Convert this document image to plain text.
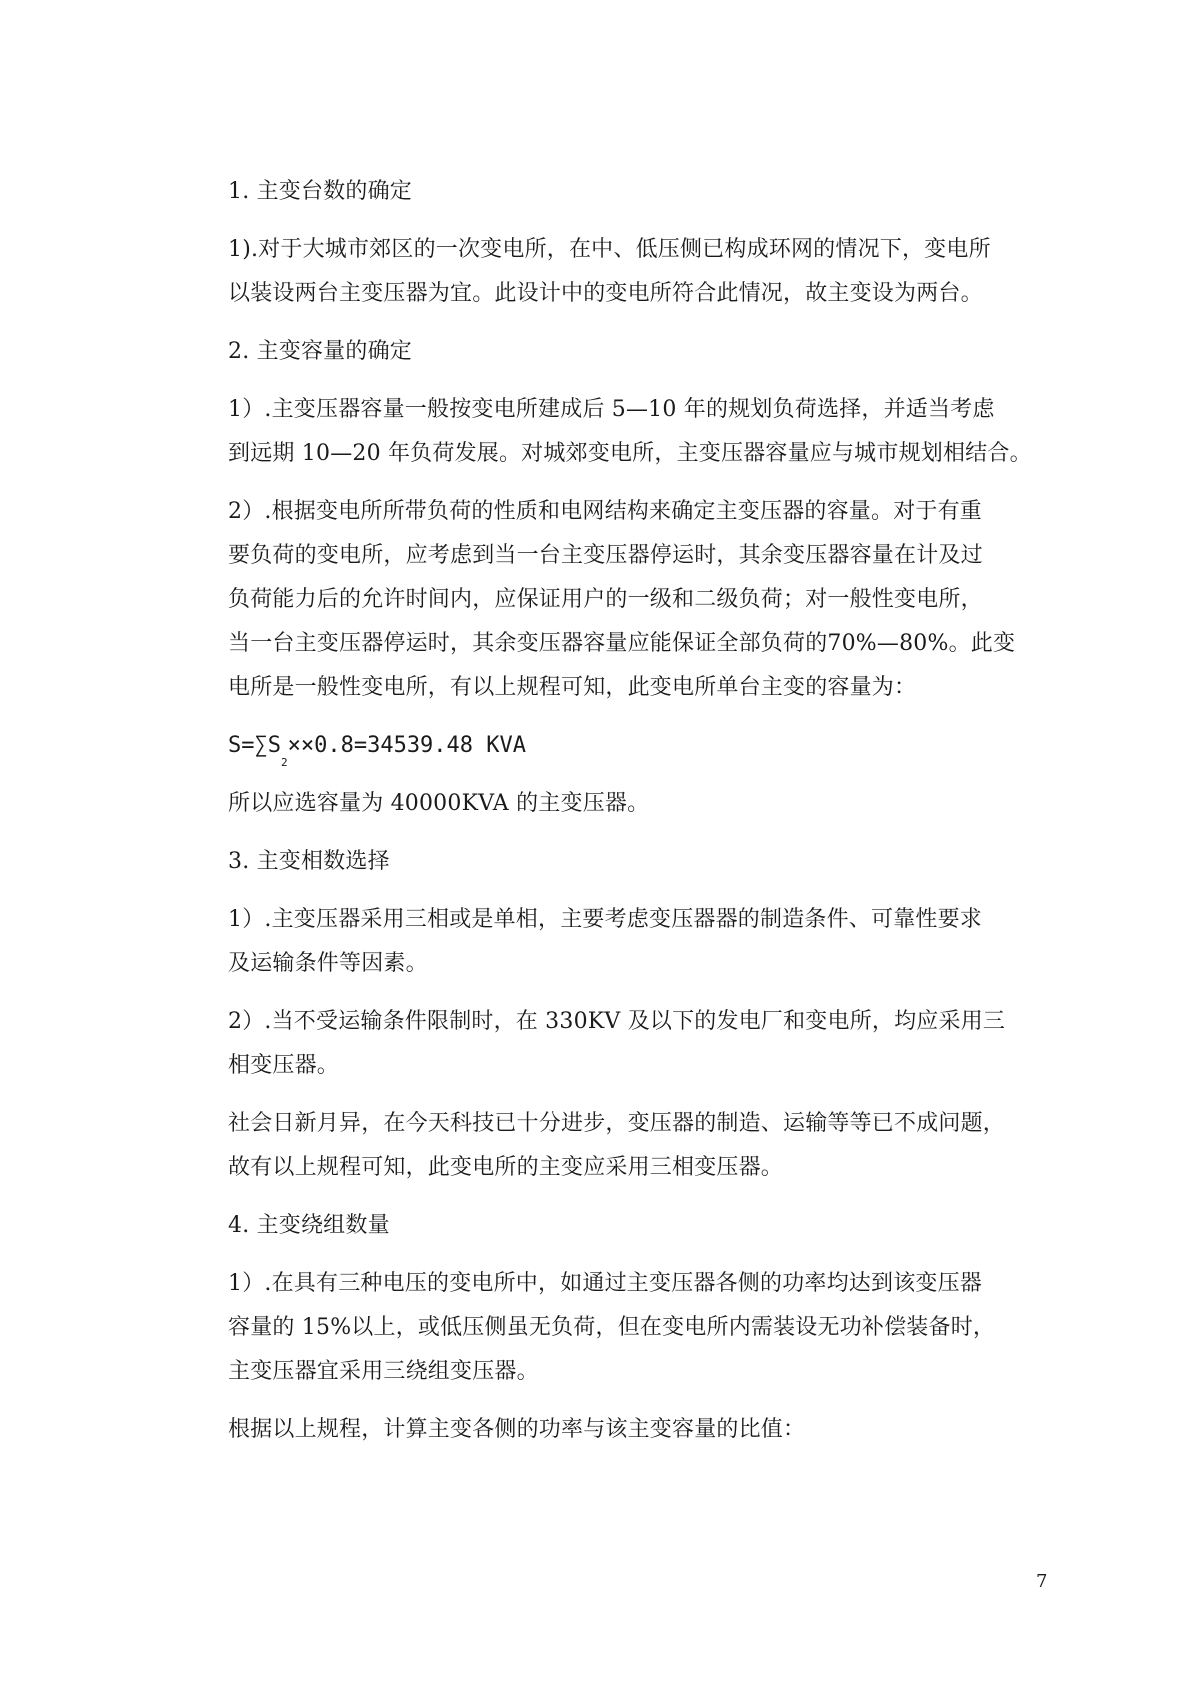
1. 主变台数的确定

1).对于大城市郊区的一次变电所，在中、低压侧已构成环网的情况下，变电所
以装设两台主变压器为宜。此设计中的变电所符合此情况，故主变设为两台。

2. 主变容量的确定

1）.主变压器容量一般按变电所建成后 5—10 年的规划负荷选择，并适当考虑
到远期 10—20 年负荷发展。对城郊变电所，主变压器容量应与城市规划相结合。

2）.根据变电所所带负荷的性质和电网结构来确定主变压器的容量。对于有重
要负荷的变电所，应考虑到当一台主变压器停运时，其余变压器容量在计及过
负荷能力后的允许时间内，应保证用户的一级和二级负荷；对一般性变电所，
当一台主变压器停运时，其余变压器容量应能保证全部负荷的70%—80%。此变
电所是一般性变电所，有以上规程可知，此变电所单台主变的容量为：

$S=\sum S_2\times\times 0.8=34539.48$ KVA

所以应选容量为 40000KVA 的主变压器。

3. 主变相数选择

1）.主变压器采用三相或是单相，主要考虑变压器器的制造条件、可靠性要求
及运输条件等因素。

2）.当不受运输条件限制时，在 330KV 及以下的发电厂和变电所，均应采用三
相变压器。

社会日新月异，在今天科技已十分进步，变压器的制造、运输等等已不成问题，
故有以上规程可知，此变电所的主变应采用三相变压器。

4. 主变绕组数量

1）.在具有三种电压的变电所中，如通过主变压器各侧的功率均达到该变压器
容量的 15%以上，或低压侧虽无负荷，但在变电所内需装设无功补偿装备时，
主变压器宜采用三绕组变压器。

根据以上规程，计算主变各侧的功率与该主变容量的比值：

7
